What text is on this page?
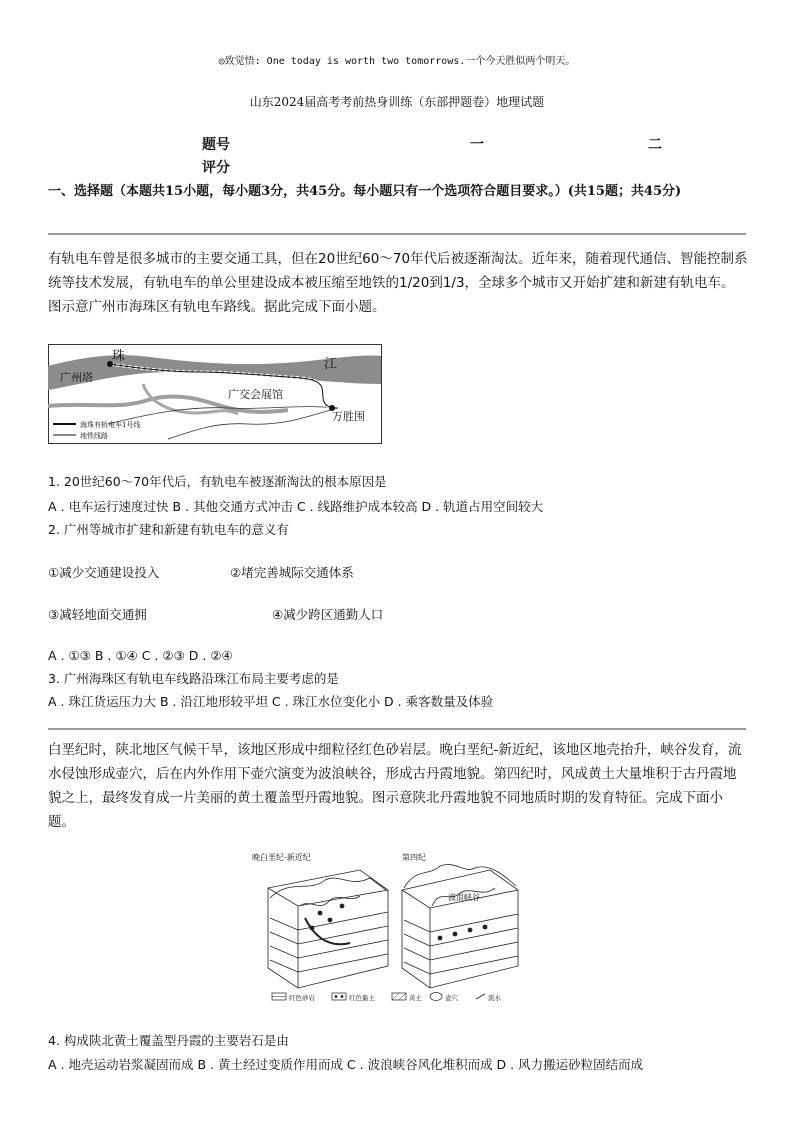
◎致觉悟: One today is worth two tomorrows.一个今天胜似两个明天。
山东2024届高考考前热身训练（东部押题卷）地理试题
题号	一	二
评分
一、选择题（本题共15小题，每小题3分，共45分。每小题只有一个选项符合题目要求。）(共15题；共45分)
有轨电车曾是很多城市的主要交通工具，但在20世纪60～70年代后被逐渐淘汰。近年来，随着现代通信、智能控制系统等技术发展，有轨电车的单公里建设成本被压缩至地铁的1/20到1/3，全球多个城市又开始扩建和新建有轨电车。图示意广州市海珠区有轨电车路线。据此完成下面小题。
珠
江
广州塔
广交会展馆
万胜围
海珠有轨电车1号线
地铁线路
1. 20世纪60～70年代后，有轨电车被逐渐淘汰的根本原因是
A . 电车运行速度过快 B . 其他交通方式冲击 C . 线路维护成本较高 D . 轨道占用空间较大
2. 广州等城市扩建和新建有轨电车的意义有
①减少交通建设投入	②堵完善城际交通体系
③减轻地面交通拥	④减少跨区通勤人口
A . ①③ B . ①④ C . ②③ D . ②④
3. 广州海珠区有轨电车线路沿珠江布局主要考虑的是
A . 珠江货运压力大 B . 沿江地形较平坦 C . 珠江水位变化小 D . 乘客数量及体验
白垩纪时，陕北地区气候干旱，该地区形成中细粒径红色砂岩层。晚白垩纪-新近纪，该地区地壳抬升，峡谷发育，流水侵蚀形成壶穴，后在内外作用下壶穴演变为波浪峡谷，形成古丹霞地貌。第四纪时，风成黄土大量堆积于古丹霞地貌之上，最终发育成一片美丽的黄土覆盖型丹霞地貌。图示意陕北丹霞地貌不同地质时期的发育特征。完成下面小题。
晚白垩纪-新近纪	第四纪
波浪峡谷
红色砂岩	红色黏土	黄土	壶穴	流水
4. 构成陕北黄土覆盖型丹霞的主要岩石是由
A . 地壳运动岩浆凝固而成 B . 黄土经过变质作用而成 C . 波浪峡谷风化堆积而成 D . 风力搬运砂粒固结而成
